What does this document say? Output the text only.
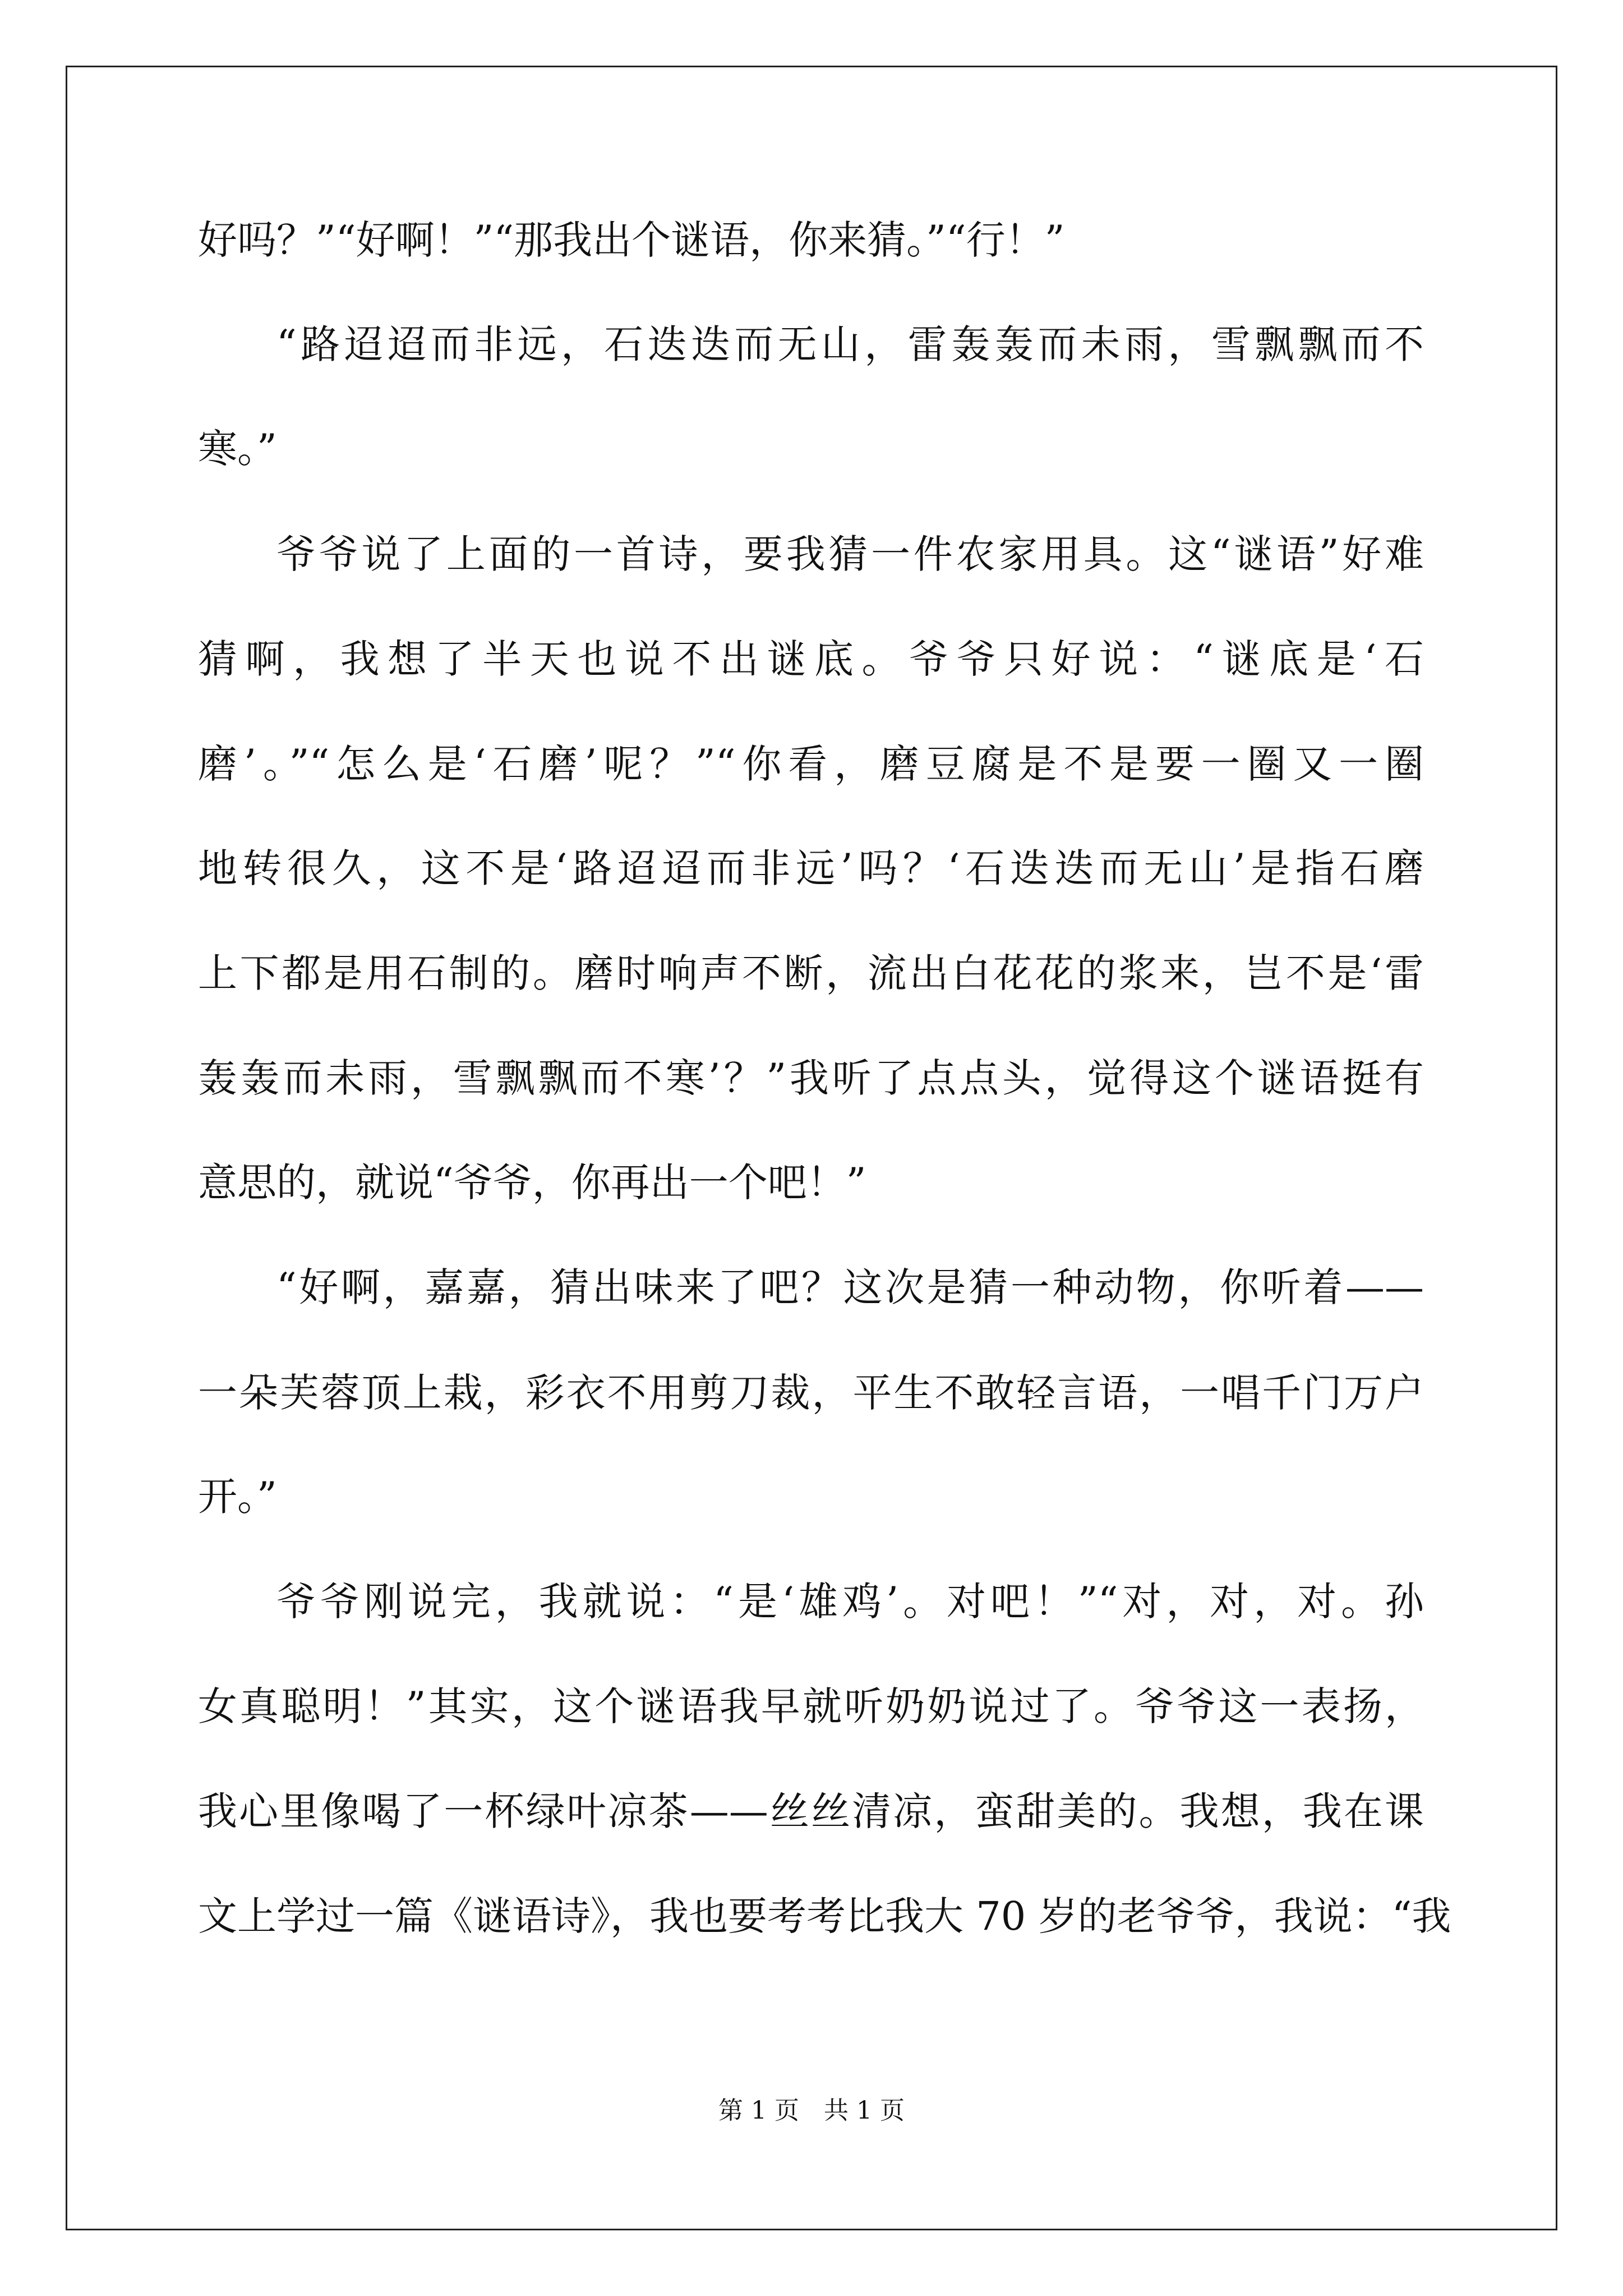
好吗？”“好啊！”“那我出个谜语，你来猜。”“行！”
“路迢迢而非远，石迭迭而无山，雷轰轰而未雨，雪飘飘而不
寒。”
爷爷说了上面的一首诗，要我猜一件农家用具。这“谜语”好难
猜啊，我想了半天也说不出谜底。爷爷只好说：“谜底是‘石
磨’。”“怎么是‘石磨’呢？”“你看，磨豆腐是不是要一圈又一圈
地转很久，这不是‘路迢迢而非远’吗？‘石迭迭而无山’是指石磨
上下都是用石制的。磨时响声不断，流出白花花的浆来，岂不是‘雷
轰轰而未雨，雪飘飘而不寒’？”我听了点点头，觉得这个谜语挺有
意思的，就说“爷爷，你再出一个吧！”
“好啊，嘉嘉，猜出味来了吧？这次是猜一种动物，你听着——
一朵芙蓉顶上栽，彩衣不用剪刀裁，平生不敢轻言语，一唱千门万户
开。”
爷爷刚说完，我就说：“是‘雄鸡’。对吧！”“对，对，对。孙
女真聪明！”其实，这个谜语我早就听奶奶说过了。爷爷这一表扬，
我心里像喝了一杯绿叶凉茶——丝丝清凉，蛮甜美的。我想，我在课
文上学过一篇《谜语诗》，我也要考考比我大 70 岁的老爷爷，我说：“我
第 1 页　共 1 页
